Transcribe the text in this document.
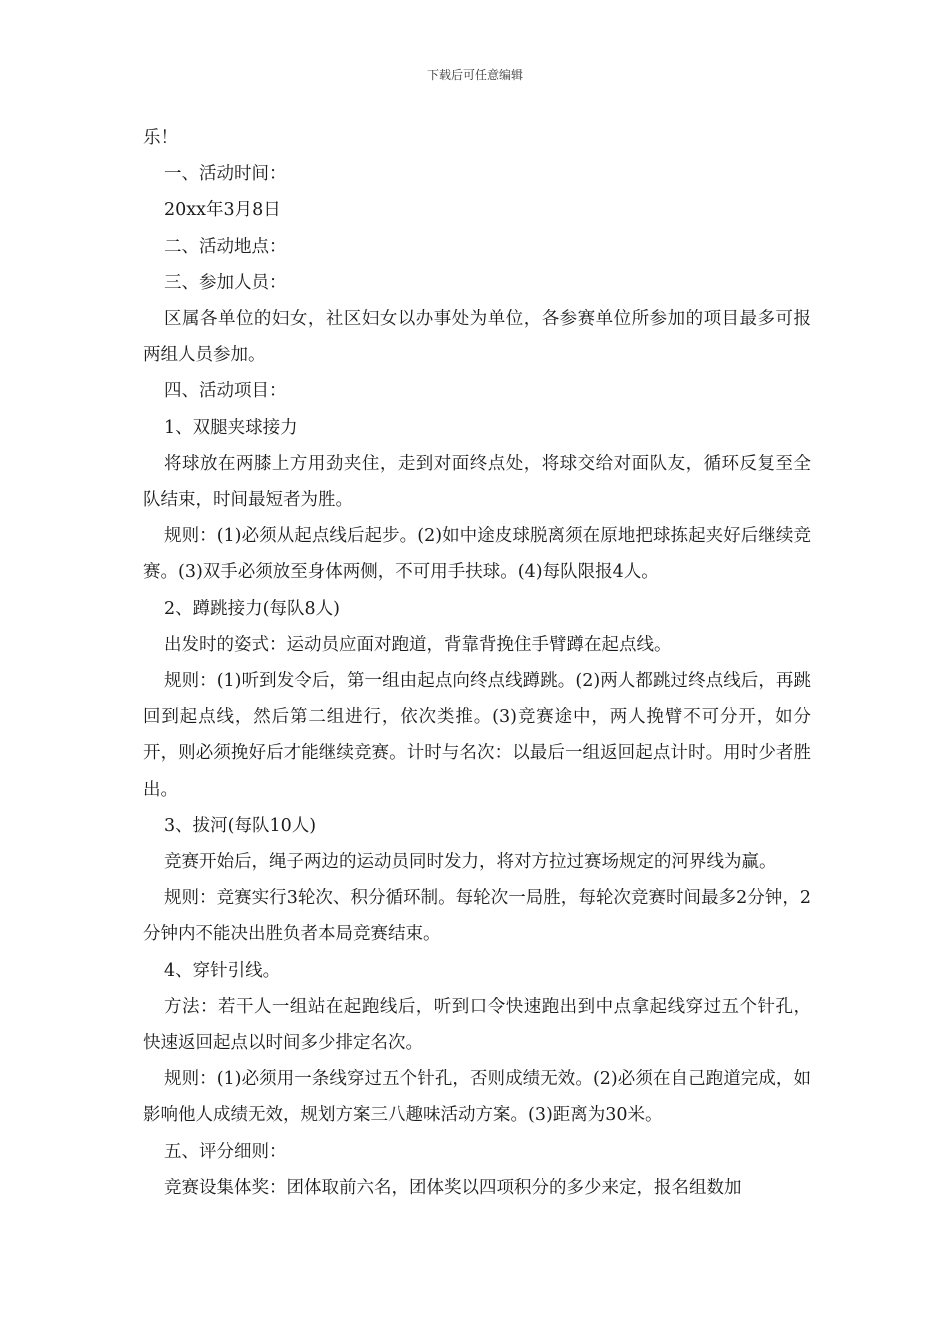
下载后可任意编辑

乐！

一、活动时间：

20xx年3月8日

二、活动地点：

三、参加人员：

区属各单位的妇女，社区妇女以办事处为单位，各参赛单位所参加的项目最多可报两组人员参加。

四、活动项目：

1、双腿夹球接力

将球放在两膝上方用劲夹住，走到对面终点处，将球交给对面队友，循环反复至全队结束，时间最短者为胜。

规则：(1)必须从起点线后起步。(2)如中途皮球脱离须在原地把球拣起夹好后继续竞赛。(3)双手必须放至身体两侧，不可用手扶球。(4)每队限报4人。

2、蹲跳接力(每队8人)

出发时的姿式：运动员应面对跑道，背靠背挽住手臂蹲在起点线。

规则：(1)听到发令后，第一组由起点向终点线蹲跳。(2)两人都跳过终点线后，再跳回到起点线，然后第二组进行，依次类推。(3)竞赛途中，两人挽臂不可分开，如分开，则必须挽好后才能继续竞赛。计时与名次：以最后一组返回起点计时。用时少者胜出。

3、拔河(每队10人)

竞赛开始后，绳子两边的运动员同时发力，将对方拉过赛场规定的河界线为赢。

规则：竞赛实行3轮次、积分循环制。每轮次一局胜，每轮次竞赛时间最多2分钟，2分钟内不能决出胜负者本局竞赛结束。

4、穿针引线。

方法：若干人一组站在起跑线后，听到口令快速跑出到中点拿起线穿过五个针孔，快速返回起点以时间多少排定名次。

规则：(1)必须用一条线穿过五个针孔，否则成绩无效。(2)必须在自己跑道完成，如影响他人成绩无效，规划方案三八趣味活动方案。(3)距离为30米。

五、评分细则：

竞赛设集体奖：团体取前六名，团体奖以四项积分的多少来定，报名组数加
